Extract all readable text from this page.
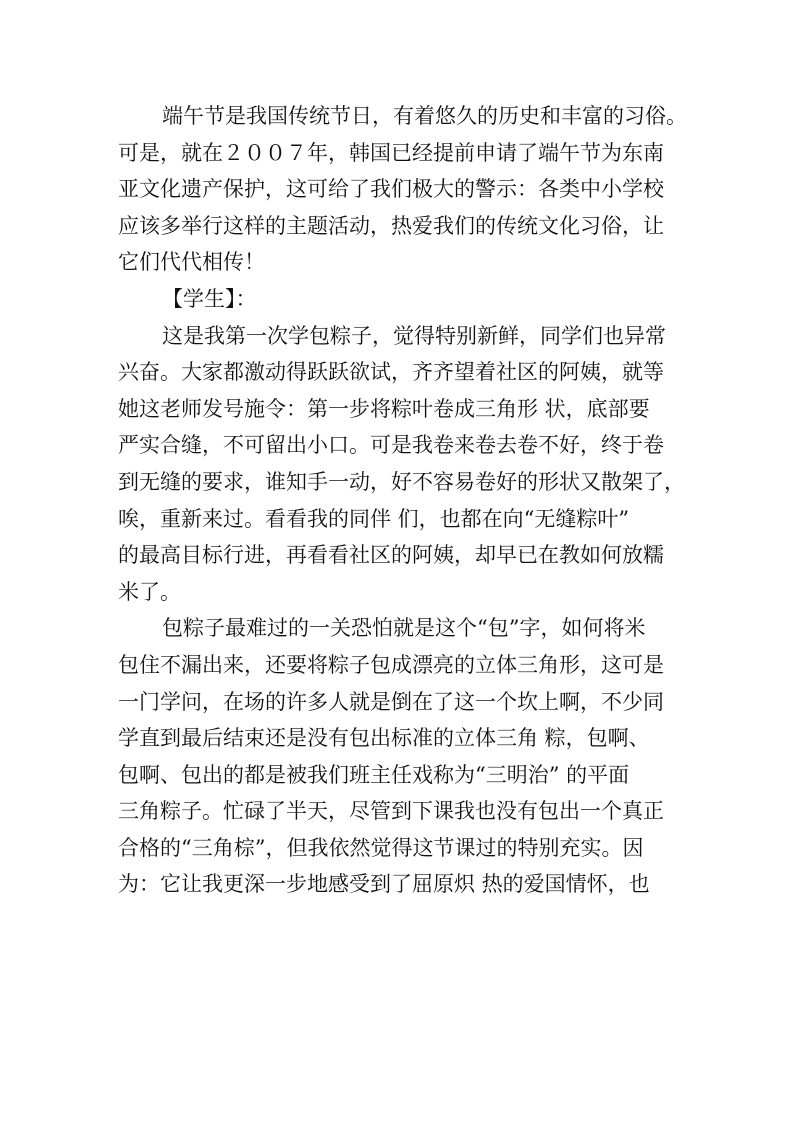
端午节是我国传统节日，有着悠久的历史和丰富的习俗。
可是，就在２００７年，韩国已经提前申请了端午节为东南
亚文化遗产保护，这可给了我们极大的警示：各类中小学校
应该多举行这样的主题活动，热爱我们的传统文化习俗，让
它们代代相传！
【学生】：
这是我第一次学包粽子，觉得特别新鲜，同学们也异常
兴奋。大家都激动得跃跃欲试，齐齐望着社区的阿姨，就等
她这老师发号施令：第一步将粽叶卷成三角形 状，底部要
严实合缝，不可留出小口。可是我卷来卷去卷不好，终于卷
到无缝的要求，谁知手一动，好不容易卷好的形状又散架了，
唉，重新来过。看看我的同伴 们，也都在向“无缝粽叶”
的最高目标行进，再看看社区的阿姨，却早已在教如何放糯
米了。
包粽子最难过的一关恐怕就是这个“包”字，如何将米
包住不漏出来，还要将粽子包成漂亮的立体三角形，这可是
一门学问，在场的许多人就是倒在了这一个坎上啊，不少同
学直到最后结束还是没有包出标准的立体三角 粽，包啊、
包啊、包出的都是被我们班主任戏称为“三明治” 的平面
三角粽子。忙碌了半天，尽管到下课我也没有包出一个真正
合格的“三角棕”，但我依然觉得这节课过的特别充实。因
为：它让我更深一步地感受到了屈原炽 热的爱国情怀，也
